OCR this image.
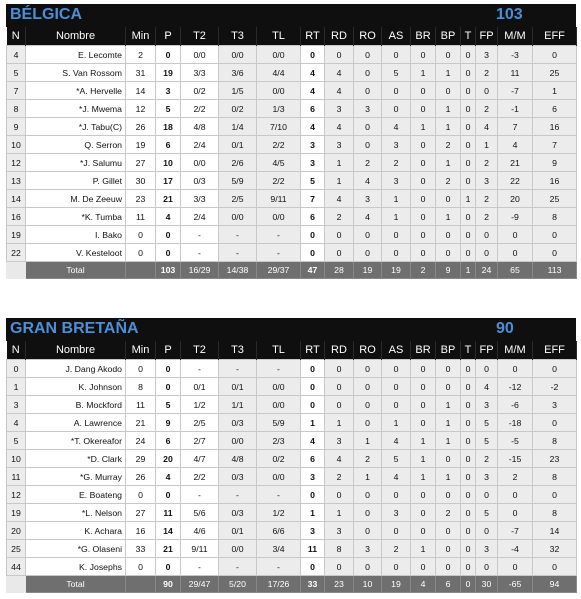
BÉLGICA	103
N	Nombre	Min	P	T2	T3	TL	RT	RD	RO	AS	BR	BP	T	FP	M/M	EFF
4	E. Lecomte	2	0	0/0	0/0	0/0	0	0	0	0	0	0	0	3	-3	0
5	S. Van Rossom	31	19	3/3	3/6	4/4	4	4	0	5	1	1	0	2	11	25
7	*A. Hervelle	14	3	0/2	1/5	0/0	4	4	0	0	0	0	0	0	-7	1
8	*J. Mwema	12	5	2/2	0/2	1/3	6	3	3	0	0	1	0	2	-1	6
9	*J. Tabu(C)	26	18	4/8	1/4	7/10	4	4	0	4	1	1	0	4	7	16
10	Q. Serron	19	6	2/4	0/1	2/2	3	3	0	3	0	2	0	1	4	7
12	*J. Salumu	27	10	0/0	2/6	4/5	3	1	2	2	0	1	0	2	21	9
13	P. Gillet	30	17	0/3	5/9	2/2	5	1	4	3	0	2	0	3	22	16
14	M. De Zeeuw	23	21	3/3	2/5	9/11	7	4	3	1	0	0	1	2	20	25
16	*K. Tumba	11	4	2/4	0/0	0/0	6	2	4	1	0	1	0	2	-9	8
19	I. Bako	0	0	-	-	-	0	0	0	0	0	0	0	0	0	0
22	V. Kesteloot	0	0	-	-	-	0	0	0	0	0	0	0	0	0	0
	Total		103	16/29	14/38	29/37	47	28	19	19	2	9	1	24	65	113
GRAN BRETAÑA	90
N	Nombre	Min	P	T2	T3	TL	RT	RD	RO	AS	BR	BP	T	FP	M/M	EFF
0	J. Dang Akodo	0	0	-	-	-	0	0	0	0	0	0	0	0	0	0
1	K. Johnson	8	0	0/1	0/1	0/0	0	0	0	0	0	0	0	4	-12	-2
3	B. Mockford	11	5	1/2	1/1	0/0	0	0	0	0	0	1	0	3	-6	3
4	A. Lawrence	21	9	2/5	0/3	5/9	1	1	0	1	0	1	0	5	-18	0
5	*T. Okereafor	24	6	2/7	0/0	2/3	4	3	1	4	1	1	0	5	-5	8
10	*D. Clark	29	20	4/7	4/8	0/2	6	4	2	5	1	0	0	2	-15	23
11	*G. Murray	26	4	2/2	0/3	0/0	3	2	1	4	1	1	0	3	2	8
12	E. Boateng	0	0	-	-	-	0	0	0	0	0	0	0	0	0	0
19	*L. Nelson	27	11	5/6	0/3	1/2	1	1	0	3	0	2	0	5	0	8
20	K. Achara	16	14	4/6	0/1	6/6	3	3	0	0	0	0	0	0	-7	14
25	*G. Olaseni	33	21	9/11	0/0	3/4	11	8	3	2	1	0	0	3	-4	32
44	K. Josephs	0	0	-	-	-	0	0	0	0	0	0	0	0	0	0
	Total		90	29/47	5/20	17/26	33	23	10	19	4	6	0	30	-65	94
